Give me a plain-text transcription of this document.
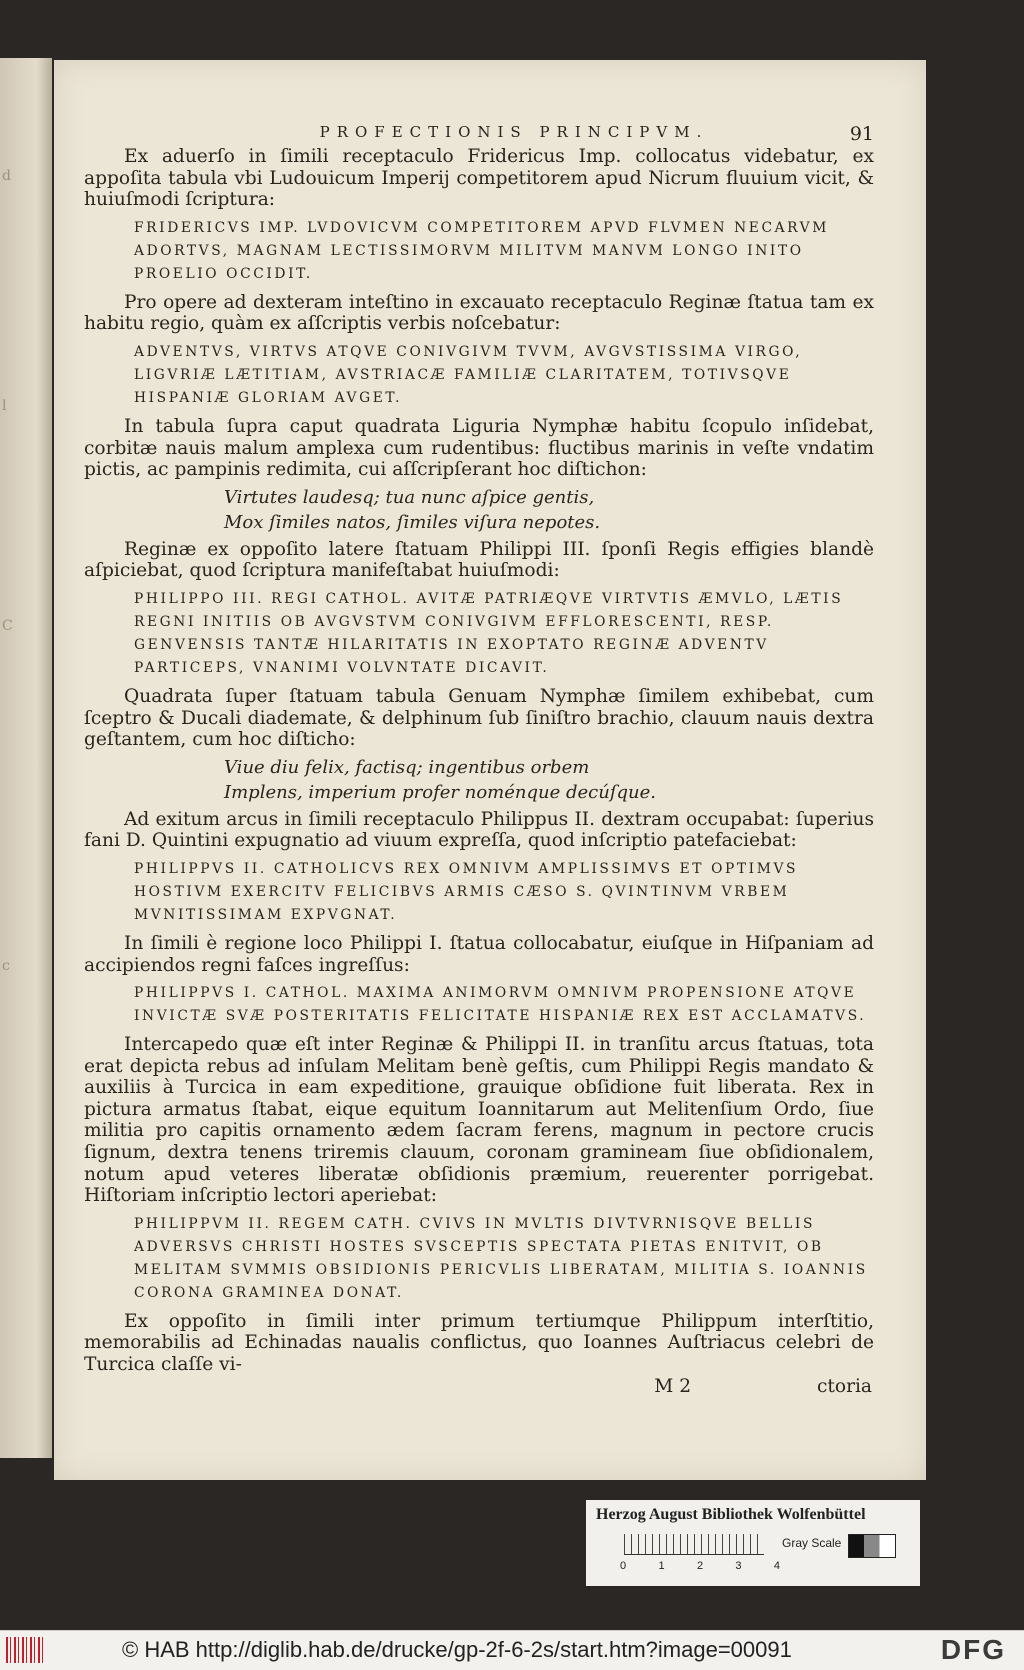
d
l
C
c
PROFECTIONIS PRINCIPVM.	91

Ex aduerſo in ſimili receptaculo Fridericus Imp. collocatus videbatur, ex appoſita tabula vbi Ludouicum Imperij competitorem apud Nicrum fluuium vicit, & huiuſmodi ſcriptura:

FRIDERICVS IMP. LVDOVICVM COMPETITOREM APVD FLVMEN NECARVM ADORTVS, MAGNAM LECTISSIMORVM MILITVM MANVM LONGO INITO PROELIO OCCIDIT.

Pro opere ad dexteram inteſtino in excauato receptaculo Reginæ ſtatua tam ex habitu regio, quàm ex aſſcriptis verbis noſcebatur:

ADVENTVS, VIRTVS ATQVE CONIVGIVM TVVM, AVGVSTISSIMA VIRGO, LIGVRIÆ LÆTITIAM, AVSTRIACÆ FAMILIÆ CLARITATEM, TOTIVSQVE HISPANIÆ GLORIAM AVGET.

In tabula ſupra caput quadrata Liguria Nymphæ habitu ſcopulo inſidebat, corbitæ nauis malum amplexa cum rudentibus: fluctibus marinis in veſte vndatim pictis, ac pampinis redimita, cui aſſcripſerant hoc diſtichon:

Virtutes laudesq; tua nunc aſpice gentis,
Mox ſimiles natos, ſimiles viſura nepotes.

Reginæ ex oppoſito latere ſtatuam Philippi III. ſponſi Regis effigies blandè aſpiciebat, quod ſcriptura manifeſtabat huiuſmodi:

PHILIPPO III. REGI CATHOL. AVITÆ PATRIÆQVE VIRTVTIS ÆMVLO, LÆTIS REGNI INITIIS OB AVGVSTVM CONIVGIVM EFFLORESCENTI, RESP. GENVENSIS TANTÆ HILARITATIS IN EXOPTATO REGINÆ ADVENTV PARTICEPS, VNANIMI VOLVNTATE DICAVIT.

Quadrata ſuper ſtatuam tabula Genuam Nymphæ ſimilem exhibebat, cum ſceptro & Ducali diademate, & delphinum ſub ſiniſtro brachio, clauum nauis dextra geſtantem, cum hoc diſticho:

Viue diu felix, factisq; ingentibus orbem
Implens, imperium profer noménque decúſque.

Ad exitum arcus in ſimili receptaculo Philippus II. dextram occupabat: ſuperius fani D. Quintini expugnatio ad viuum expreſſa, quod inſcriptio patefaciebat:

PHILIPPVS II. CATHOLICVS REX OMNIVM AMPLISSIMVS ET OPTIMVS HOSTIVM EXERCITV FELICIBVS ARMIS CÆSO S. QVINTINVM VRBEM MVNITISSIMAM EXPVGNAT.

In ſimili è regione loco Philippi I. ſtatua collocabatur, eiuſque in Hiſpaniam ad accipiendos regni faſces ingreſſus:

PHILIPPVS I. CATHOL. MAXIMA ANIMORVM OMNIVM PROPENSIONE ATQVE INVICTÆ SVÆ POSTERITATIS FELICITATE HISPANIÆ REX EST ACCLAMATVS.

Intercapedo quæ eſt inter Reginæ & Philippi II. in tranſitu arcus ſtatuas, tota erat depicta rebus ad inſulam Melitam benè geſtis, cum Philippi Regis mandato & auxiliis à Turcica in eam expeditione, grauique obſidione fuit liberata. Rex in pictura armatus ſtabat, eique equitum Ioannitarum aut Melitenſium Ordo, ſiue militia pro capitis ornamento ædem ſacram ferens, magnum in pectore crucis ſignum, dextra tenens triremis clauum, coronam gramineam ſiue obſidionalem, notum apud veteres liberatæ obſidionis præmium, reuerenter porrigebat. Hiſtoriam inſcriptio lectori aperiebat:

PHILIPPVM II. REGEM CATH. CVIVS IN MVLTIS DIVTVRNISQVE BELLIS ADVERSVS CHRISTI HOSTES SVSCEPTIS SPECTATA PIETAS ENITVIT, OB MELITAM SVMMIS OBSIDIONIS PERICVLIS LIBERATAM, MILITIA S. IOANNIS CORONA GRAMINEA DONAT.

Ex oppoſito in ſimili inter primum tertiumque Philippum interſtitio, memorabilis ad Echinadas naualis conflictus, quo Ioannes Auſtriacus celebri de Turcica claſſe vi-

M 2	ctoria
Herzog August Bibliothek Wolfenbüttel
0	1	2	3	4
Gray Scale
© HAB http://diglib.hab.de/drucke/gp-2f-6-2s/start.htm?image=00091	DFG
